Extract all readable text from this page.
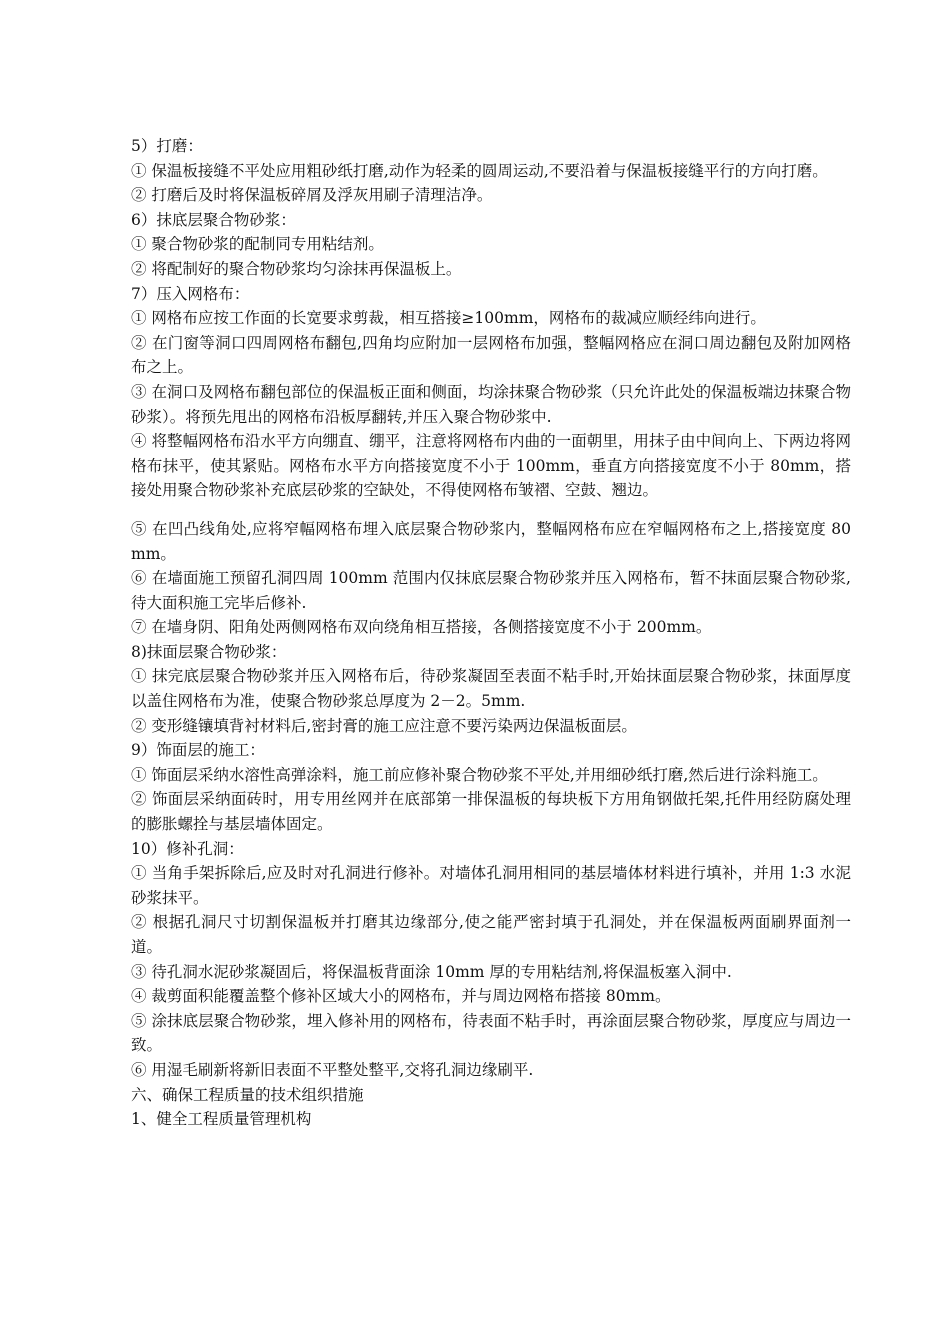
5）打磨：
① 保温板接缝不平处应用粗砂纸打磨,动作为轻柔的圆周运动,不要沿着与保温板接缝平行的方向打磨。
② 打磨后及时将保温板碎屑及浮灰用刷子清理洁净。
6）抹底层聚合物砂浆：
① 聚合物砂浆的配制同专用粘结剂。
② 将配制好的聚合物砂浆均匀涂抹再保温板上。
7）压入网格布：
① 网格布应按工作面的长宽要求剪裁，相互搭接≥100mm，网格布的裁减应顺经纬向进行。
② 在门窗等洞口四周网格布翻包,四角均应附加一层网格布加强，整幅网格应在洞口周边翻包及附加网格布之上。
③ 在洞口及网格布翻包部位的保温板正面和侧面，均涂抹聚合物砂浆（只允许此处的保温板端边抹聚合物砂浆）。将预先甩出的网格布沿板厚翻转,并压入聚合物砂浆中.
④ 将整幅网格布沿水平方向绷直、绷平，注意将网格布内曲的一面朝里，用抹子由中间向上、下两边将网格布抹平，使其紧贴。网格布水平方向搭接宽度不小于 100mm，垂直方向搭接宽度不小于 80mm，搭接处用聚合物砂浆补充底层砂浆的空缺处，不得使网格布皱褶、空鼓、翘边。
⑤ 在凹凸线角处,应将窄幅网格布埋入底层聚合物砂浆内，整幅网格布应在窄幅网格布之上,搭接宽度 80mm。
⑥ 在墙面施工预留孔洞四周 100mm 范围内仅抹底层聚合物砂浆并压入网格布，暂不抹面层聚合物砂浆,待大面积施工完毕后修补.
⑦ 在墙身阴、阳角处两侧网格布双向绕角相互搭接，各侧搭接宽度不小于 200mm。
8)抹面层聚合物砂浆：
① 抹完底层聚合物砂浆并压入网格布后，待砂浆凝固至表面不粘手时,开始抹面层聚合物砂浆，抹面厚度以盖住网格布为准，使聚合物砂浆总厚度为 2－2。5mm.
② 变形缝镶填背衬材料后,密封膏的施工应注意不要污染两边保温板面层。
9）饰面层的施工：
① 饰面层采纳水溶性高弹涂料，施工前应修补聚合物砂浆不平处,并用细砂纸打磨,然后进行涂料施工。
② 饰面层采纳面砖时，用专用丝网并在底部第一排保温板的每块板下方用角钢做托架,托件用经防腐处理的膨胀螺拴与基层墙体固定。
10）修补孔洞：
① 当角手架拆除后,应及时对孔洞进行修补。对墙体孔洞用相同的基层墙体材料进行填补，并用 1:3 水泥砂浆抹平。
② 根据孔洞尺寸切割保温板并打磨其边缘部分,使之能严密封填于孔洞处，并在保温板两面刷界面剂一道。
③ 待孔洞水泥砂浆凝固后，将保温板背面涂 10mm 厚的专用粘结剂,将保温板塞入洞中.
④ 裁剪面积能覆盖整个修补区域大小的网格布，并与周边网格布搭接 80mm。
⑤ 涂抹底层聚合物砂浆，埋入修补用的网格布，待表面不粘手时，再涂面层聚合物砂浆，厚度应与周边一致。
⑥ 用湿毛刷新将新旧表面不平整处整平,交将孔洞边缘刷平.
六、确保工程质量的技术组织措施
1、健全工程质量管理机构
